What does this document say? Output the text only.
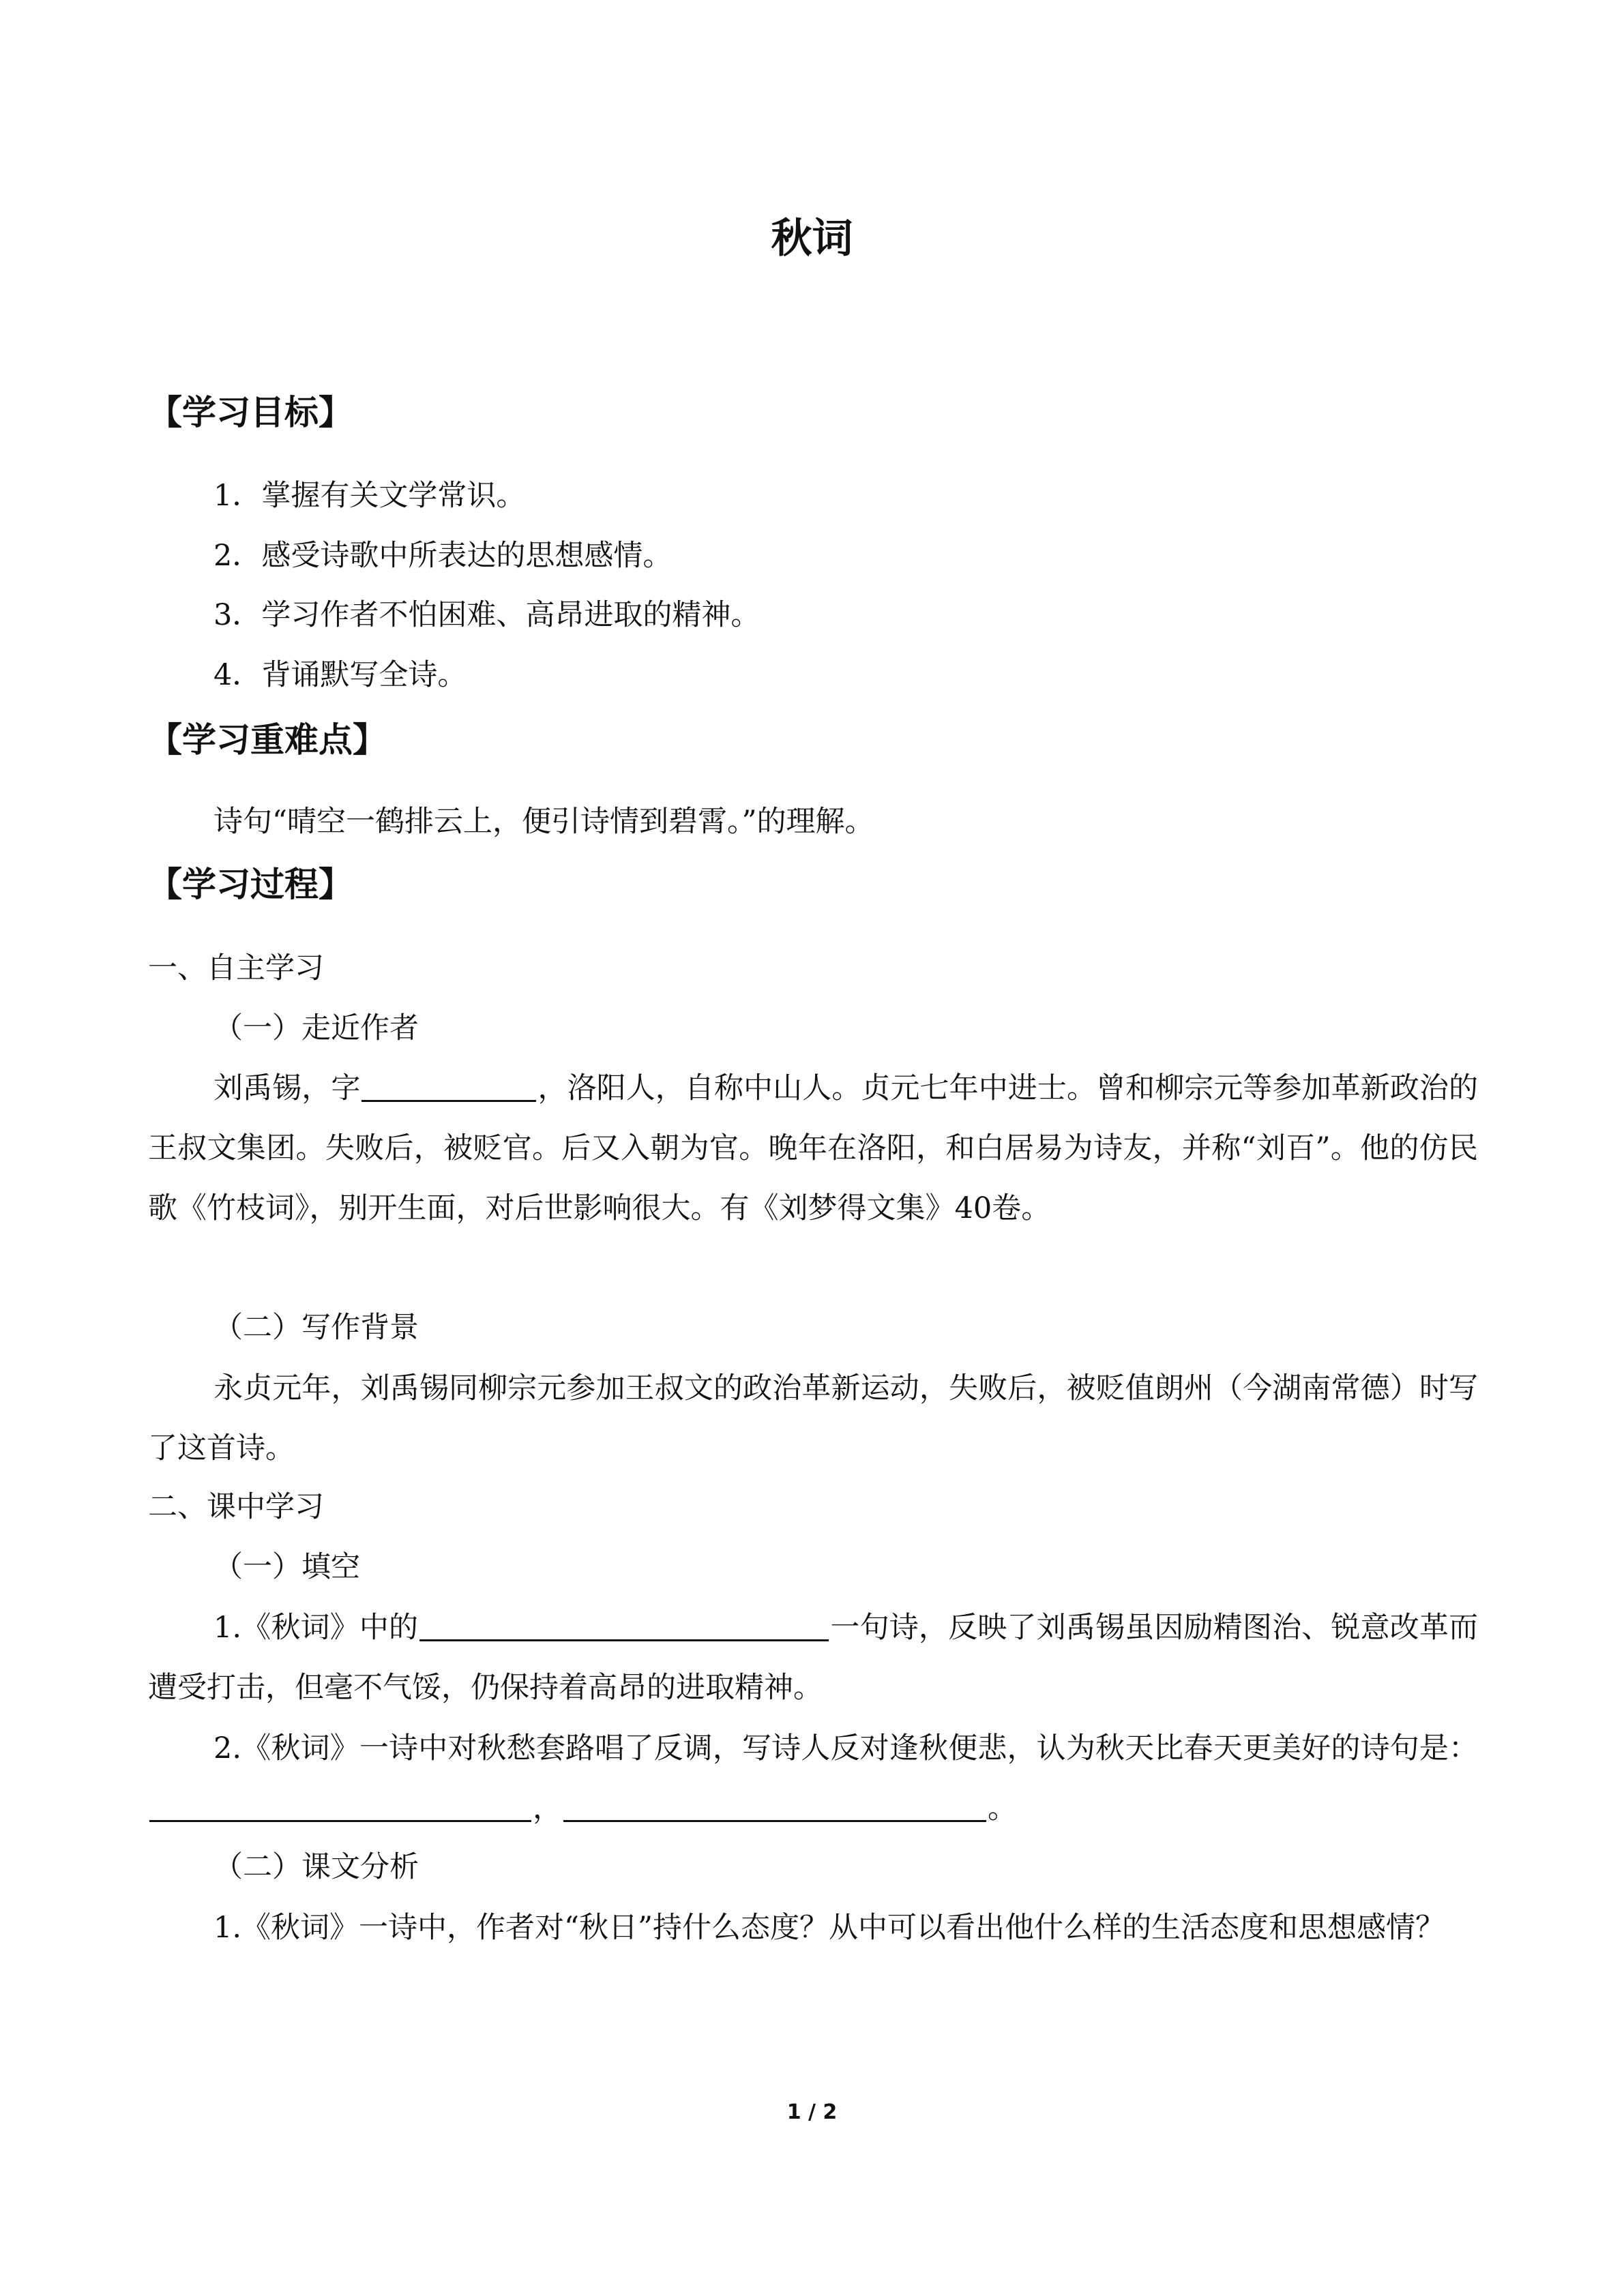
秋词
【学习目标】
1．掌握有关文学常识。
2．感受诗歌中所表达的思想感情。
3．学习作者不怕困难、高昂进取的精神。
4．背诵默写全诗。
【学习重难点】
诗句“晴空一鹤排云上，便引诗情到碧霄。”的理解。
【学习过程】
一、自主学习
（一）走近作者
刘禹锡，字	，洛阳人，自称中山人。贞元七年中进士。曾和柳宗元等参加革新政治的王叔文集团。失败后，被贬官。后又入朝为官。晚年在洛阳，和白居易为诗友，并称“刘百”。他的仿民歌《竹枝词》，别开生面，对后世影响很大。有《刘梦得文集》40卷。
（二）写作背景
永贞元年，刘禹锡同柳宗元参加王叔文的政治革新运动，失败后，被贬值朗州（今湖南常德）时写了这首诗。
二、课中学习
（一）填空
1.《秋词》中的	一句诗，反映了刘禹锡虽因励精图治、锐意改革而遭受打击，但毫不气馁，仍保持着高昂的进取精神。
2.《秋词》一诗中对秋愁套路唱了反调，写诗人反对逢秋便悲，认为秋天比春天更美好的诗句是：，	。
（二）课文分析
1.《秋词》一诗中，作者对“秋日”持什么态度？从中可以看出他什么样的生活态度和思想感情？
1 / 2
